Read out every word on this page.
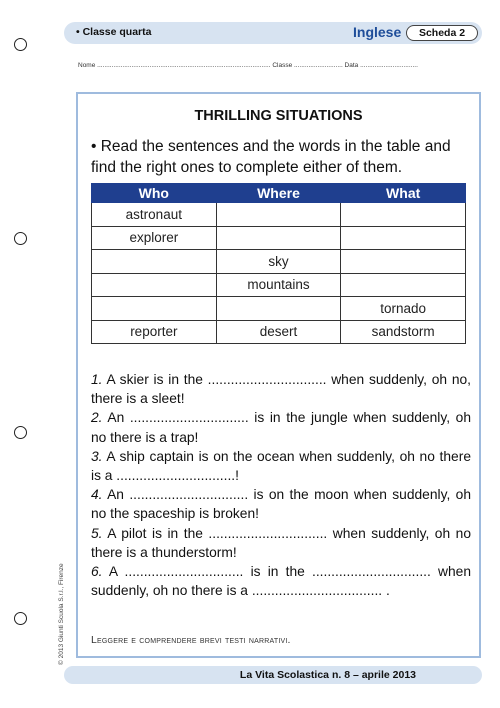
• Classe quarta	Inglese	Scheda 2
Nome ................................................................................................ Classe ........................... Data ................................
THRILLING SITUATIONS
• Read the sentences and the words in the table and find the right ones to complete either of them.
Who	Where	What
astronaut		
explorer		
	sky	
	mountains	
		tornado
reporter	desert	sandstorm

1. A skier is in the ............................... when suddenly, oh no, there is a sleet!

2. An ............................... is in the jungle when suddenly, oh no there is a trap!

3. A ship captain is on the ocean when suddenly, oh no there is a ...............................!

4. An ............................... is on the moon when suddenly, oh no the spaceship is broken!

5. A pilot is in the ............................... when suddenly, oh no there is a thunderstorm!

6. A ............................... is in the ............................... when suddenly, oh no there is a .................................. .

Leggere e comprendere brevi testi narrativi.
© 2013 Giunti Scuola S.r.l., Firenze
La Vita Scolastica n. 8 – aprile 2013
